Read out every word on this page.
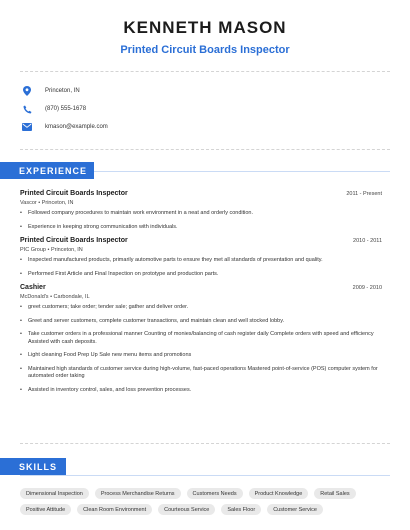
KENNETH MASON
Printed Circuit Boards Inspector
Princeton, IN
(870) 555-1678
kmason@example.com
EXPERIENCE
Printed Circuit Boards Inspector	2011 - Present
Vascor • Princeton, IN
• Followed company procedures to maintain work environment in a neat and orderly condition.
• Experience in keeping strong communication with individuals.
Printed Circuit Boards Inspector	2010 - 2011
PIC Group • Princeton, IN
• Inspected manufactured products, primarily automotive parts to ensure they met all standards of presentation and quality.
• Performed First Article and Final Inspection on prototype and production parts.
Cashier	2009 - 2010
McDonald's • Carbondale, IL
• greet customers; take order; tender sale; gather and deliver order.
• Greet and server customers, complete customer transactions, and maintain clean and well stocked lobby.
• Take customer orders in a professional manner Counting of monies/balancing of cash register daily Complete orders with speed and efficiency Assisted with cash deposits.
• Light cleaning Food Prep Up Sale new menu items and promotions
• Maintained high standards of customer service during high-volume, fast-paced operations Mastered point-of-service (POS) computer system for automated order taking
• Assisted in inventory control, sales, and loss prevention processes.
SKILLS
Dimensional Inspection	Process Merchandise Returns	Customers Needs	Product Knowledge	Retail Sales
Positive Attitude	Clean Room Environment	Courteous Service	Sales Floor	Customer Service
